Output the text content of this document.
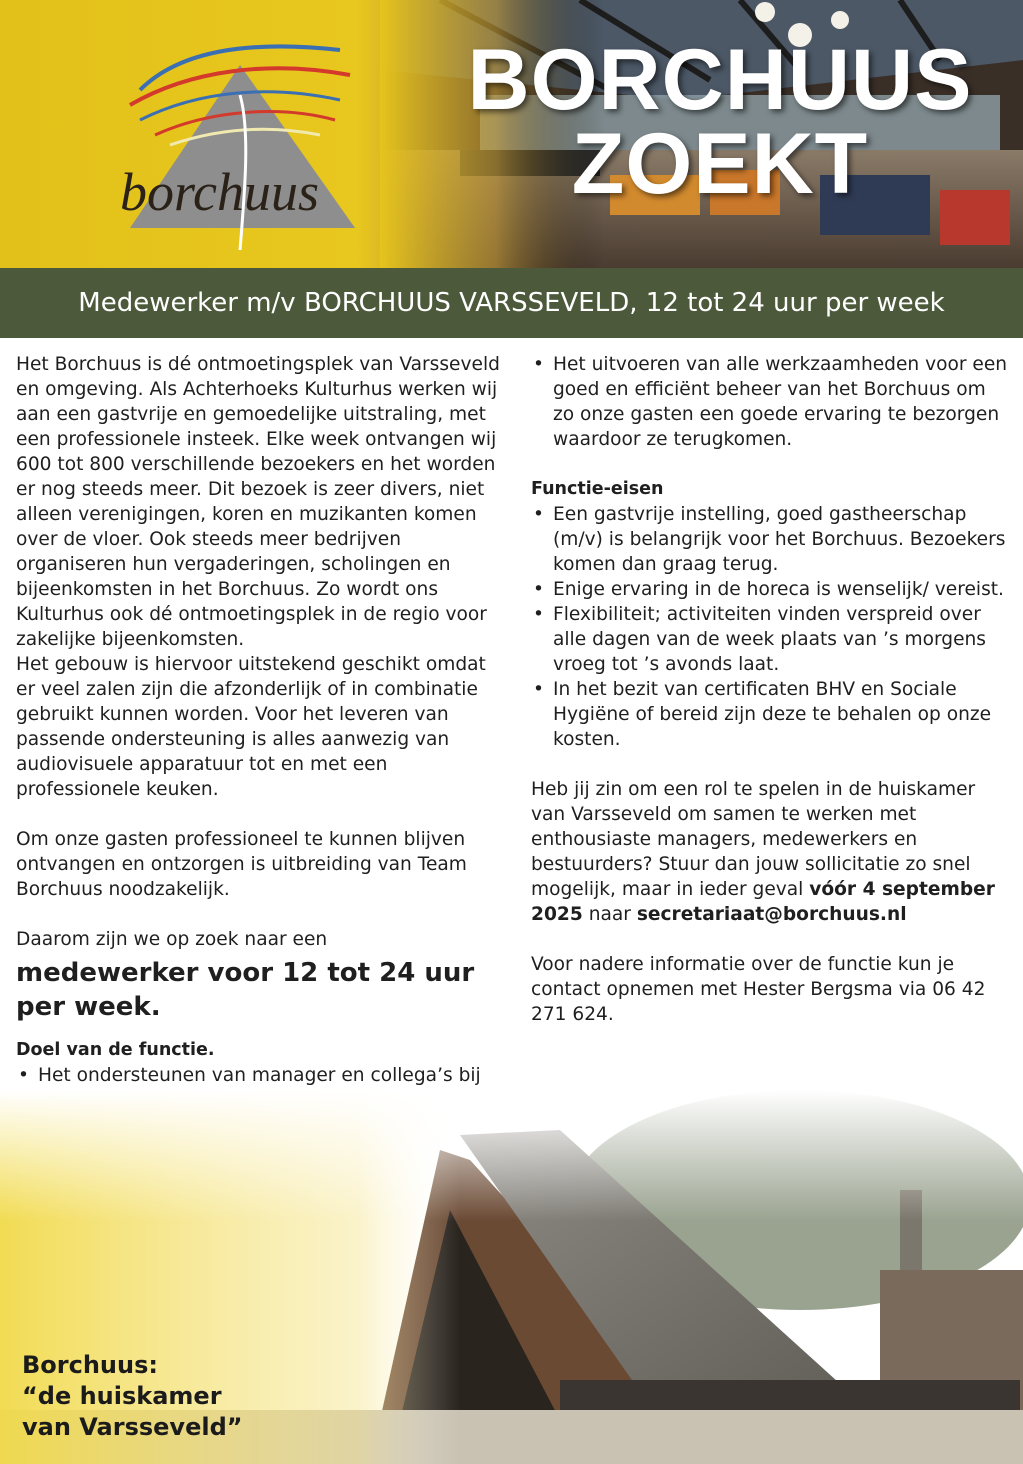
borchuus
BORCHUUS
ZOEKT
Medewerker m/v BORCHUUS VARSSEVELD, 12 tot 24 uur per week

Het Borchuus is dé ontmoetingsplek van Varsseveld en omgeving. Als Achterhoeks Kulturhus werken wij aan een gastvrije en gemoedelijke uitstraling, met een professionele insteek. Elke week ontvangen wij 600 tot 800 verschillende bezoekers en het worden er nog steeds meer. Dit bezoek is zeer divers, niet alleen verenigingen, koren en muzikanten komen over de vloer. Ook steeds meer bedrijven organiseren hun vergaderingen, scholingen en bijeenkomsten in het Borchuus. Zo wordt ons Kulturhus ook dé ontmoetingsplek in de regio voor zakelijke bijeenkomsten.

Het gebouw is hiervoor uitstekend geschikt omdat er veel zalen zijn die afzonderlijk of in combinatie gebruikt kunnen worden. Voor het leveren van passende ondersteuning is alles aanwezig van audiovisuele apparatuur tot en met een professionele keuken.

Om onze gasten professioneel te kunnen blijven ontvangen en ontzorgen is uitbreiding van Team Borchuus noodzakelijk.

Daarom zijn we op zoek naar een

medewerker voor 12 tot 24 uur per week.

Doel van de functie.

• Het ondersteunen van manager en collega’s bij
•
• Het uitvoeren van alle werkzaamheden voor een goed en efficiënt beheer van het Borchuus om zo onze gasten een goede ervaring te bezorgen waardoor ze terugkomen.

Functie-eisen

• Een gastvrije instelling, goed gastheerschap (m/v) is belangrijk voor het Borchuus. Bezoekers komen dan graag terug.
• Enige ervaring in de horeca is wenselijk/ vereist.
• Flexibiliteit; activiteiten vinden verspreid over alle dagen van de week plaats van ’s morgens vroeg tot ’s avonds laat.
• In het bezit van certificaten BHV en Sociale Hygiëne of bereid zijn deze te behalen op onze kosten.

Heb jij zin om een rol te spelen in de huiskamer van Varsseveld om samen te werken met enthousiaste managers, medewerkers en bestuurders? Stuur dan jouw sollicitatie zo snel mogelijk, maar in ieder geval vóór 4 september 2025 naar secretariaat@borchuus.nl

Voor nadere informatie over de functie kun je contact opnemen met Hester Bergsma via 06 42 271 624.

Borchuus:
“de huiskamer
van Varsseveld”
